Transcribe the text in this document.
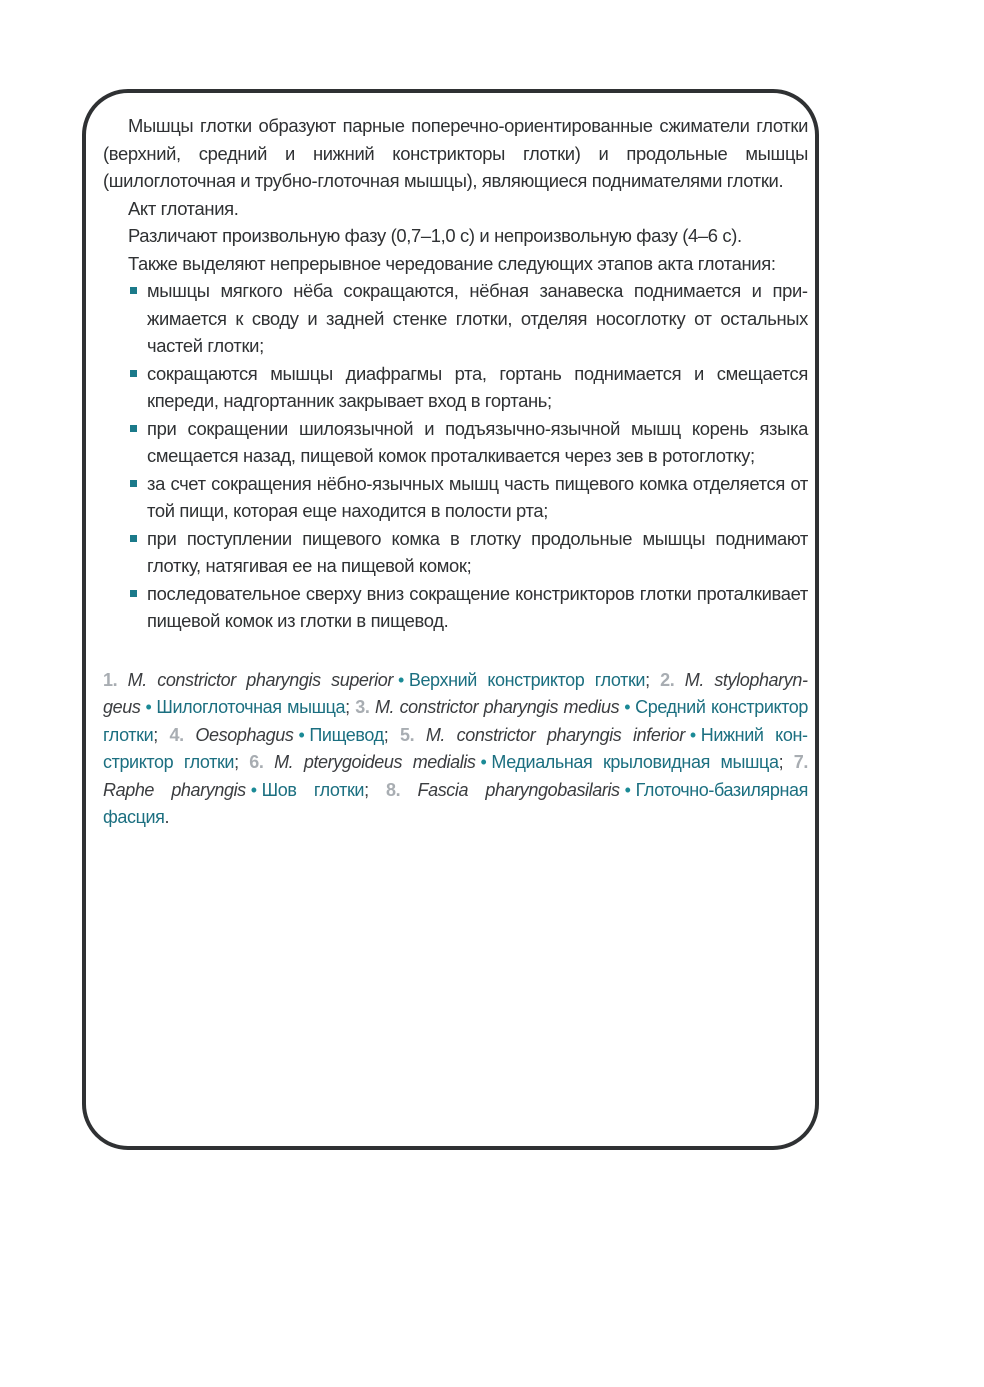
Мышцы глотки образуют парные поперечно-ориентированные сжиматели глотки (верхний, средний и нижний констрикторы глотки) и продольные мышцы (шилоглоточная и трубно-глоточная мышцы), являющиеся поднимателями глотки.

Акт глотания.

Различают произвольную фазу (0,7–1,0 с) и непроизвольную фазу (4–6 с).

Также выделяют непрерывное чередование следующих этапов акта глотания:

мышцы мягкого нёба сокращаются, нёбная занавеска поднимается и прижимается к своду и задней стенке глотки, отделяя носоглотку от остальных частей глотки;
сокращаются мышцы диафрагмы рта, гортань поднимается и смещается кпереди, надгортанник закрывает вход в гортань;
при сокращении шилоязычной и подъязычно-язычной мышц корень языка смещается назад, пищевой комок проталкивается через зев в ротоглотку;
за счет сокращения нёбно-язычных мышц часть пищевого комка отделяется от той пищи, которая еще находится в полости рта;
при поступлении пищевого комка в глотку продольные мышцы поднимают глотку, натягивая ее на пищевой комок;
последовательное сверху вниз сокращение констрикторов глотки проталкивает пищевой комок из глотки в пищевод.
1. M. constrictor pharyngis superior • Верхний констриктор глотки; 2. M. stylopharyngeus • Шилоглоточная мышца; 3. M. constrictor pharyngis medius • Средний констриктор глотки; 4. Oesophagus • Пищевод; 5. M. constrictor pharyngis inferior • Нижний констриктор глотки; 6. M. pterygoideus medialis • Медиальная крыловидная мышца; 7. Raphe pharyngis • Шов глотки; 8. Fascia pharyngobasilaris • Глоточно-базилярная фасция.
